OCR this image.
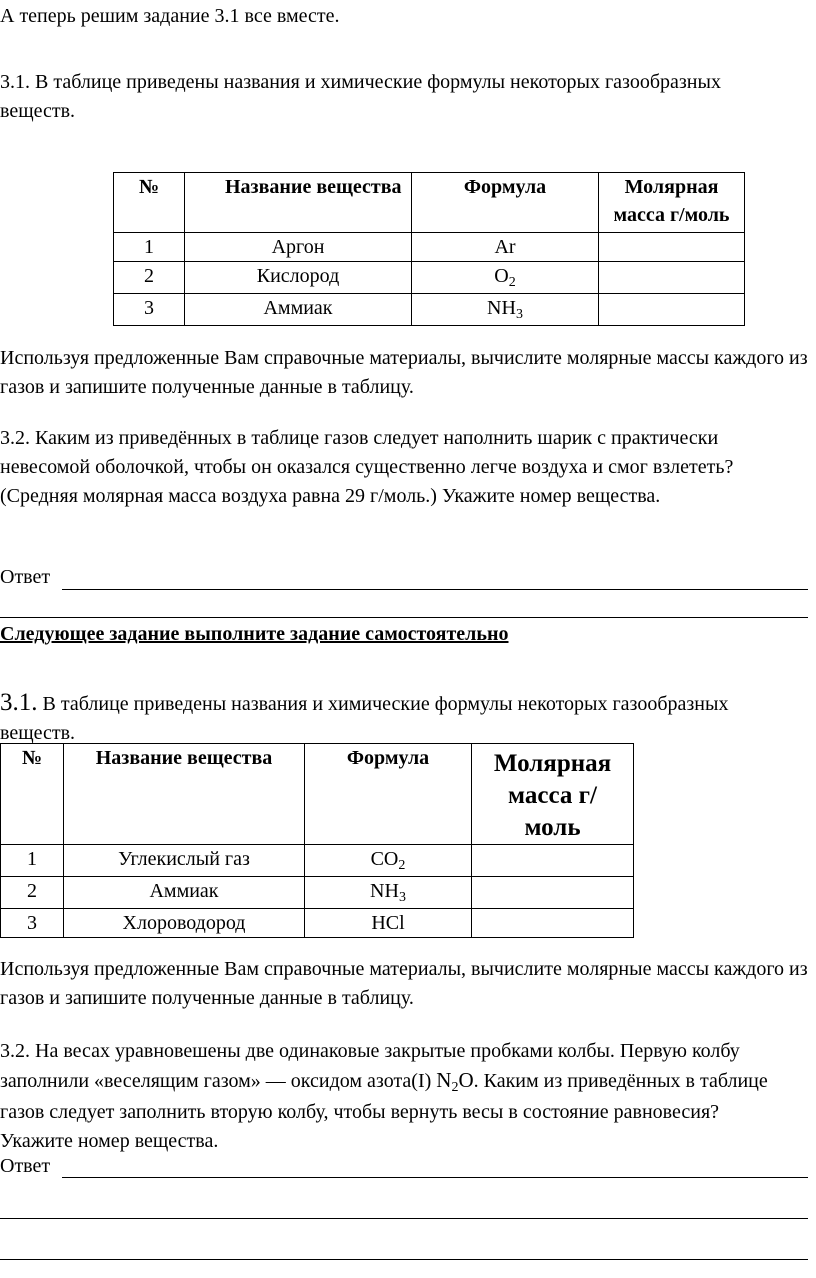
А теперь решим задание 3.1 все вместе.

3.1. В таблице приведены названия и химические формулы некоторых газообразных веществ.

№	Название вещества	Формула	Молярная масса г/моль
1	Аргон	Ar	
2	Кислород	$O_2$	
3	Аммиак	$NH_3$	

Используя предложенные Вам справочные материалы, вычислите молярные массы каждого из газов и запишите полученные данные в таблицу.

3.2. Каким из приведённых в таблице газов следует наполнить шарик с практически невесомой оболочкой, чтобы он оказался существенно легче воздуха и смог взлететь? (Средняя молярная масса воздуха равна 29 г/моль.) Укажите номер вещества.

Ответ

Следующее задание выполните задание самостоятельно

3.1. В таблице приведены названия и химические формулы некоторых газообразных веществ.

№	Название вещества	Формула	Молярная масса г/моль
1	Углекислый газ	$CO_2$	
2	Аммиак	$NH_3$	
3	Хлороводород	HCl	

Используя предложенные Вам справочные материалы, вычислите молярные массы каждого из газов и запишите полученные данные в таблицу.

3.2. На весах уравновешены две одинаковые закрытые пробками колбы. Первую колбу заполнили «веселящим газом» — оксидом азота(I) N2O. Каким из приведённых в таблице газов следует заполнить вторую колбу, чтобы вернуть весы в состояние равновесия? Укажите номер вещества.

Ответ
